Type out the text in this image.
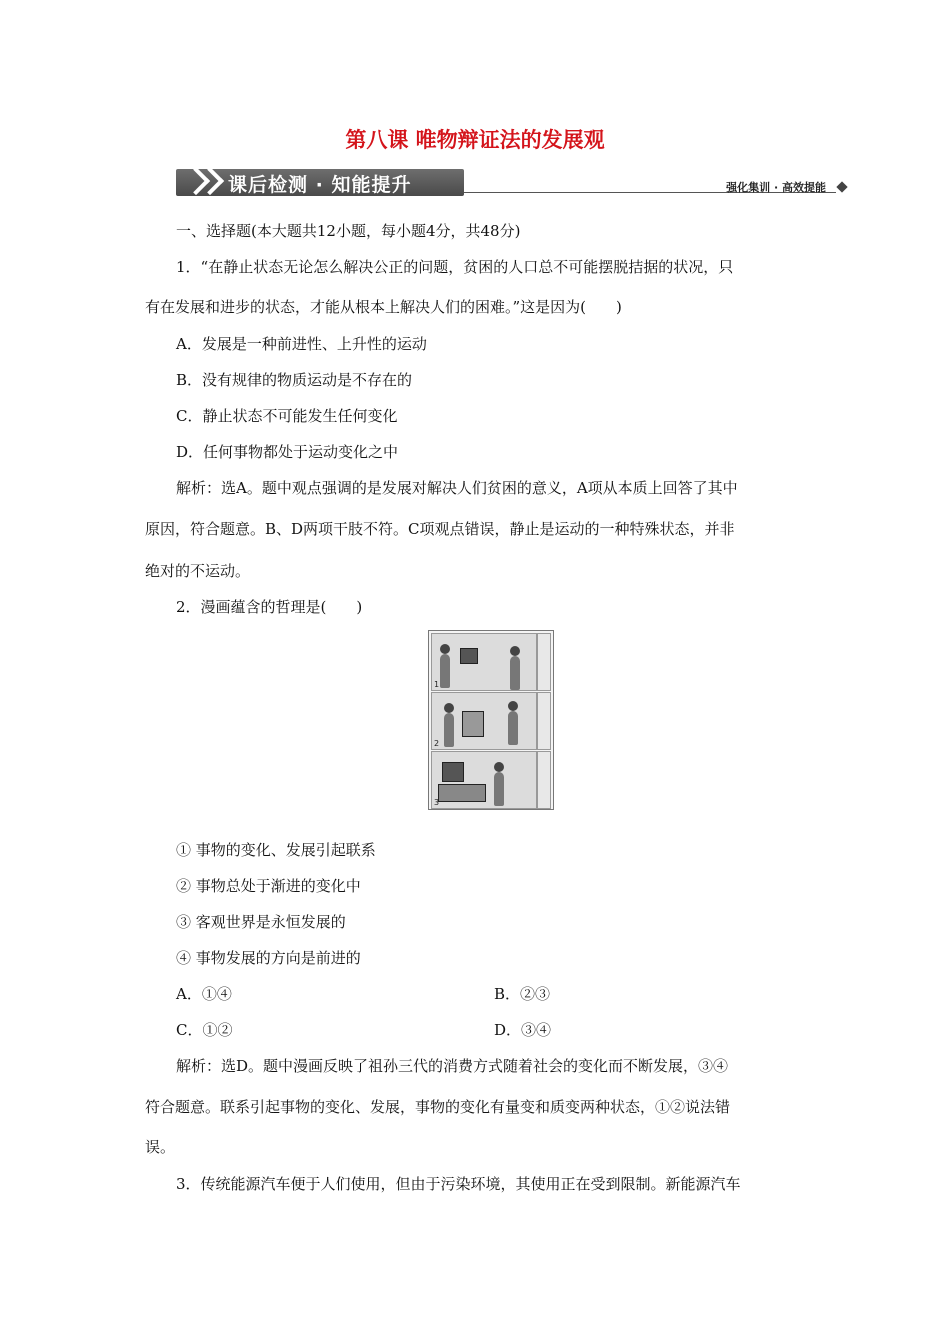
第八课 唯物辩证法的发展观
课后检测 · 知能提升	强化集训 · 高效提能
一、选择题(本大题共12小题，每小题4分，共48分)
1．“在静止状态无论怎么解决公正的问题，贫困的人口总不可能摆脱拮据的状况，只
有在发展和进步的状态，才能从根本上解决人们的困难。”这是因为(　　)
A．发展是一种前进性、上升性的运动
B．没有规律的物质运动是不存在的
C．静止状态不可能发生任何变化
D．任何事物都处于运动变化之中
解析：选A。题中观点强调的是发展对解决人们贫困的意义，A项从本质上回答了其中
原因，符合题意。B、D两项干肢不符。C项观点错误，静止是运动的一种特殊状态，并非
绝对的不运动。
2．漫画蕴含的哲理是(　　)
1
2
3
① 事物的变化、发展引起联系
② 事物总处于渐进的变化中
③ 客观世界是永恒发展的
④ 事物发展的方向是前进的
A．①④	B．②③
C．①②	D．③④
解析：选D。题中漫画反映了祖孙三代的消费方式随着社会的变化而不断发展，③④
符合题意。联系引起事物的变化、发展，事物的变化有量变和质变两种状态，①②说法错
误。
3．传统能源汽车便于人们使用，但由于污染环境，其使用正在受到限制。新能源汽车
